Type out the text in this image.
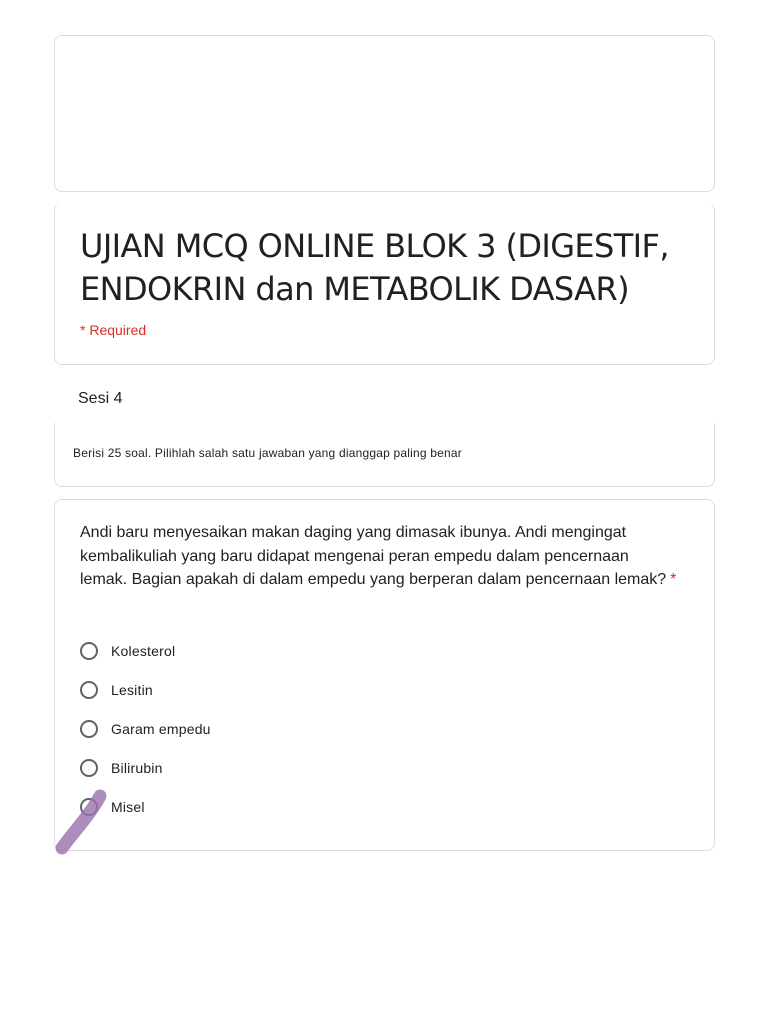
UJIAN MCQ ONLINE BLOK 3 (DIGESTIF, ENDOKRIN dan METABOLIK DASAR)
* Required
Sesi 4
Berisi 25 soal. Pilihlah salah satu jawaban yang dianggap paling benar
Andi baru menyesaikan makan daging yang dimasak ibunya. Andi mengingat kembalikuliah yang baru didapat mengenai peran empedu dalam pencernaan lemak. Bagian apakah di dalam empedu yang berperan dalam pencernaan lemak? *
Kolesterol
Lesitin
Garam empedu
Bilirubin
Misel
